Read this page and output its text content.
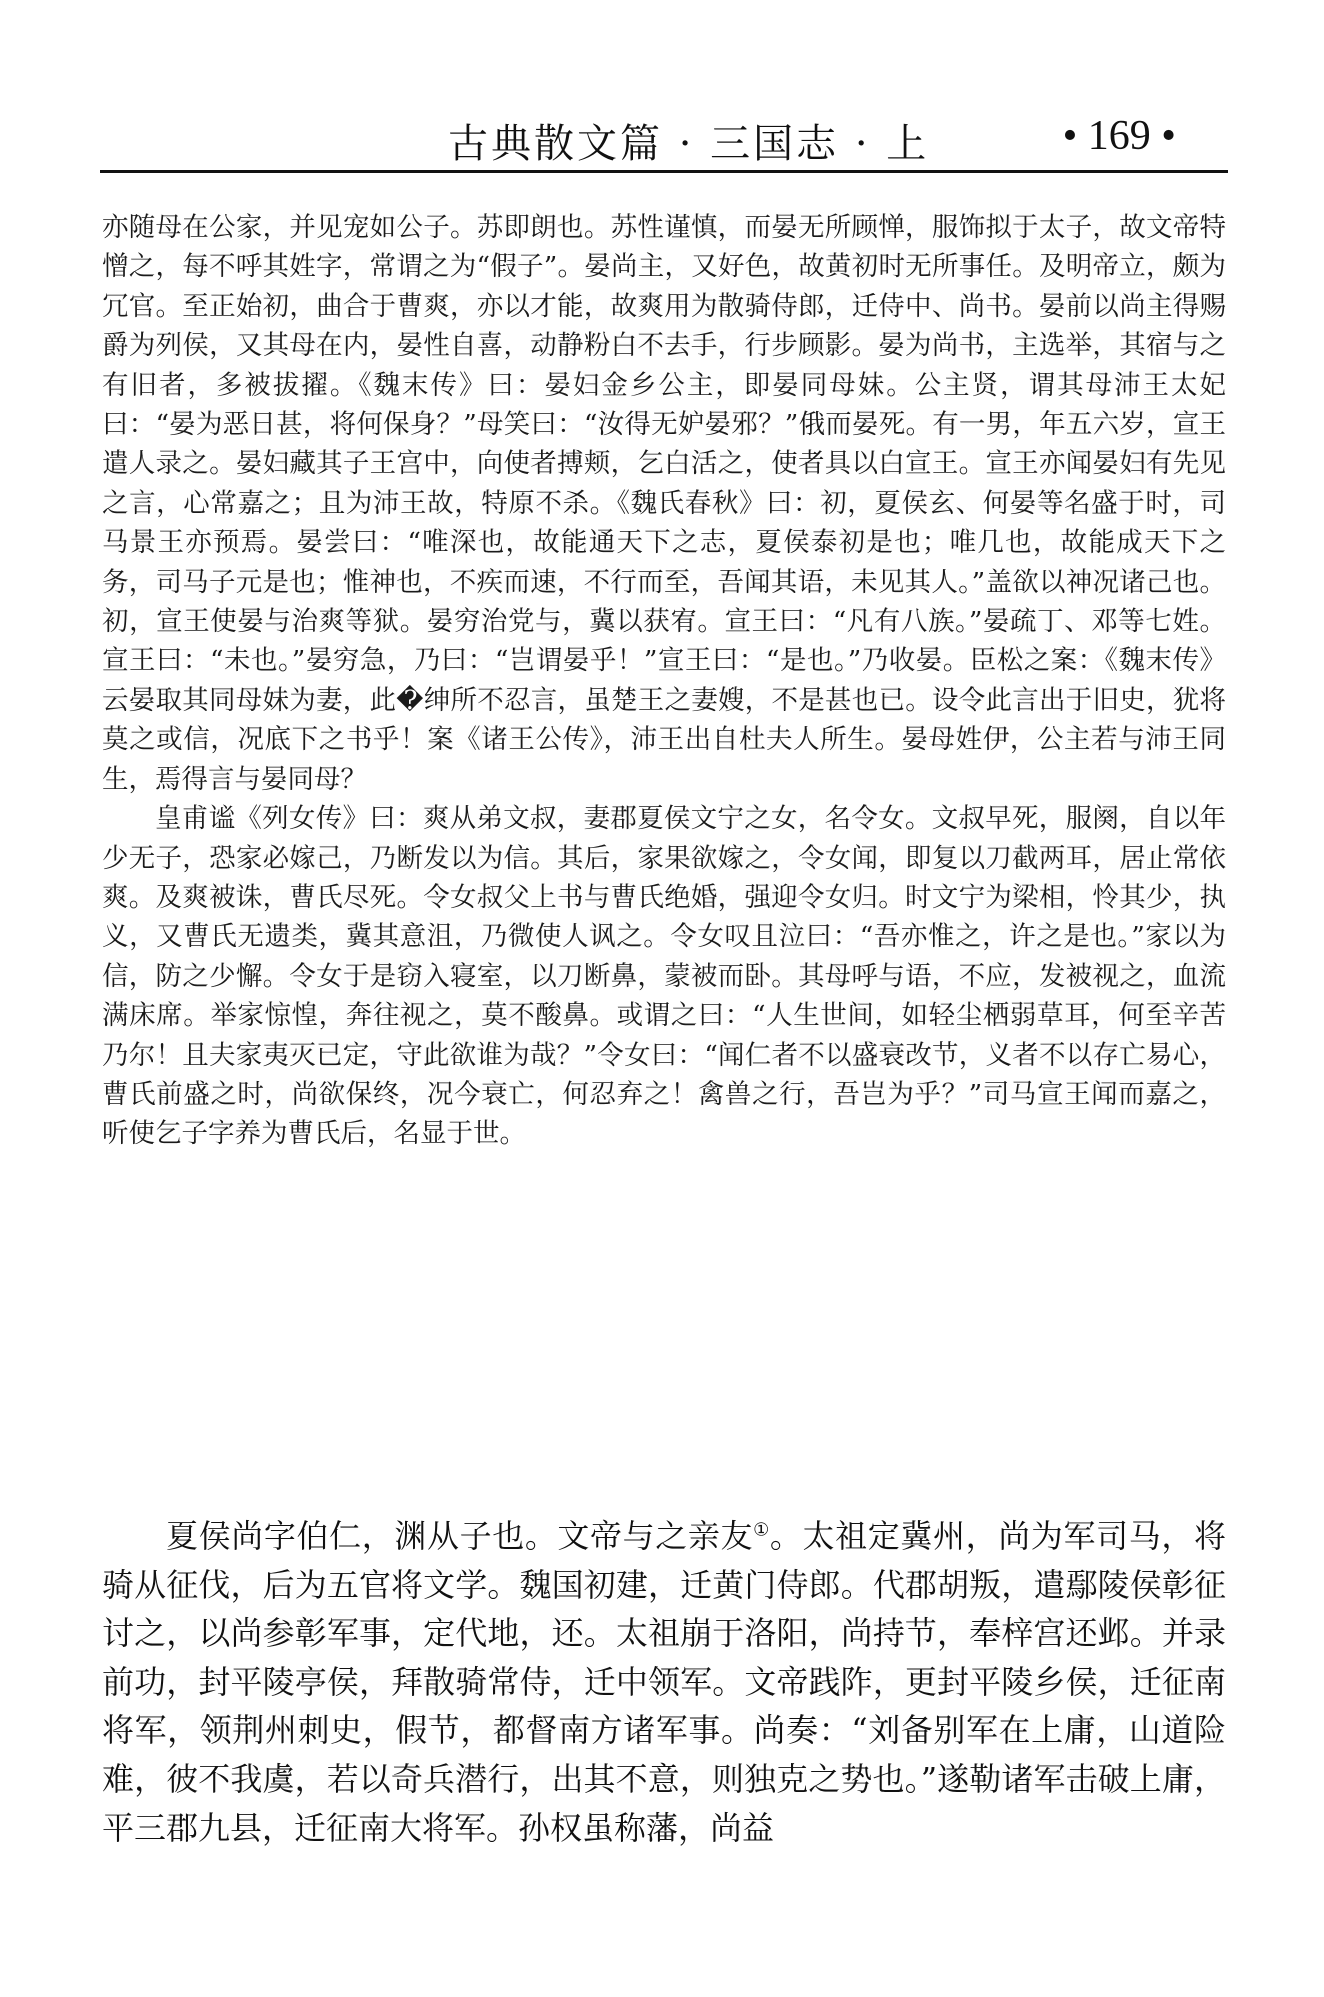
古典散文篇 · 三国志 · 上	• 169 •

亦随母在公家，并见宠如公子。苏即朗也。苏性谨慎，而晏无所顾惮，服饰拟于太子，故文帝特憎之，每不呼其姓字，常谓之为“假子”。晏尚主，又好色，故黄初时无所事任。及明帝立，颇为冗官。至正始初，曲合于曹爽，亦以才能，故爽用为散骑侍郎，迁侍中、尚书。晏前以尚主得赐爵为列侯，又其母在内，晏性自喜，动静粉白不去手，行步顾影。晏为尚书，主选举，其宿与之有旧者，多被拔擢。《魏末传》曰：晏妇金乡公主，即晏同母妹。公主贤，谓其母沛王太妃曰：“晏为恶日甚，将何保身？”母笑曰：“汝得无妒晏邪？”俄而晏死。有一男，年五六岁，宣王遣人录之。晏妇藏其子王宫中，向使者搏颊，乞白活之，使者具以白宣王。宣王亦闻晏妇有先见之言，心常嘉之；且为沛王故，特原不杀。《魏氏春秋》曰：初，夏侯玄、何晏等名盛于时，司马景王亦预焉。晏尝曰：“唯深也，故能通天下之志，夏侯泰初是也；唯几也，故能成天下之务，司马子元是也；惟神也，不疾而速，不行而至，吾闻其语，未见其人。”盖欲以神况诸己也。初，宣王使晏与治爽等狱。晏穷治党与，冀以获宥。宣王曰：“凡有八族。”晏疏丁、邓等七姓。宣王曰：“未也。”晏穷急，乃曰：“岂谓晏乎！”宣王曰：“是也。”乃收晏。臣松之案：《魏末传》云晏取其同母妹为妻，此�绅所不忍言，虽楚王之妻嫂，不是甚也已。设令此言出于旧史，犹将莫之或信，况底下之书乎！案《诸王公传》，沛王出自杜夫人所生。晏母姓伊，公主若与沛王同生，焉得言与晏同母？

皇甫谧《列女传》曰：爽从弟文叔，妻郡夏侯文宁之女，名令女。文叔早死，服阕，自以年少无子，恐家必嫁己，乃断发以为信。其后，家果欲嫁之，令女闻，即复以刀截两耳，居止常依爽。及爽被诛，曹氏尽死。令女叔父上书与曹氏绝婚，强迎令女归。时文宁为梁相，怜其少，执义，又曹氏无遗类，冀其意沮，乃微使人讽之。令女叹且泣曰：“吾亦惟之，许之是也。”家以为信，防之少懈。令女于是窃入寝室，以刀断鼻，蒙被而卧。其母呼与语，不应，发被视之，血流满床席。举家惊惶，奔往视之，莫不酸鼻。或谓之曰：“人生世间，如轻尘栖弱草耳，何至辛苦乃尔！且夫家夷灭已定，守此欲谁为哉？”令女曰：“闻仁者不以盛衰改节，义者不以存亡易心，曹氏前盛之时，尚欲保终，况今衰亡，何忍弃之！禽兽之行，吾岂为乎？”司马宣王闻而嘉之，听使乞子字养为曹氏后，名显于世。

夏侯尚字伯仁，渊从子也。文帝与之亲友①。太祖定冀州，尚为军司马，将骑从征伐，后为五官将文学。魏国初建，迁黄门侍郎。代郡胡叛，遣鄢陵侯彰征讨之，以尚参彰军事，定代地，还。太祖崩于洛阳，尚持节，奉梓宫还邺。并录前功，封平陵亭侯，拜散骑常侍，迁中领军。文帝践阼，更封平陵乡侯，迁征南将军，领荆州刺史，假节，都督南方诸军事。尚奏：“刘备别军在上庸，山道险难，彼不我虞，若以奇兵潜行，出其不意，则独克之势也。”遂勒诸军击破上庸，平三郡九县，迁征南大将军。孙权虽称藩，尚益
